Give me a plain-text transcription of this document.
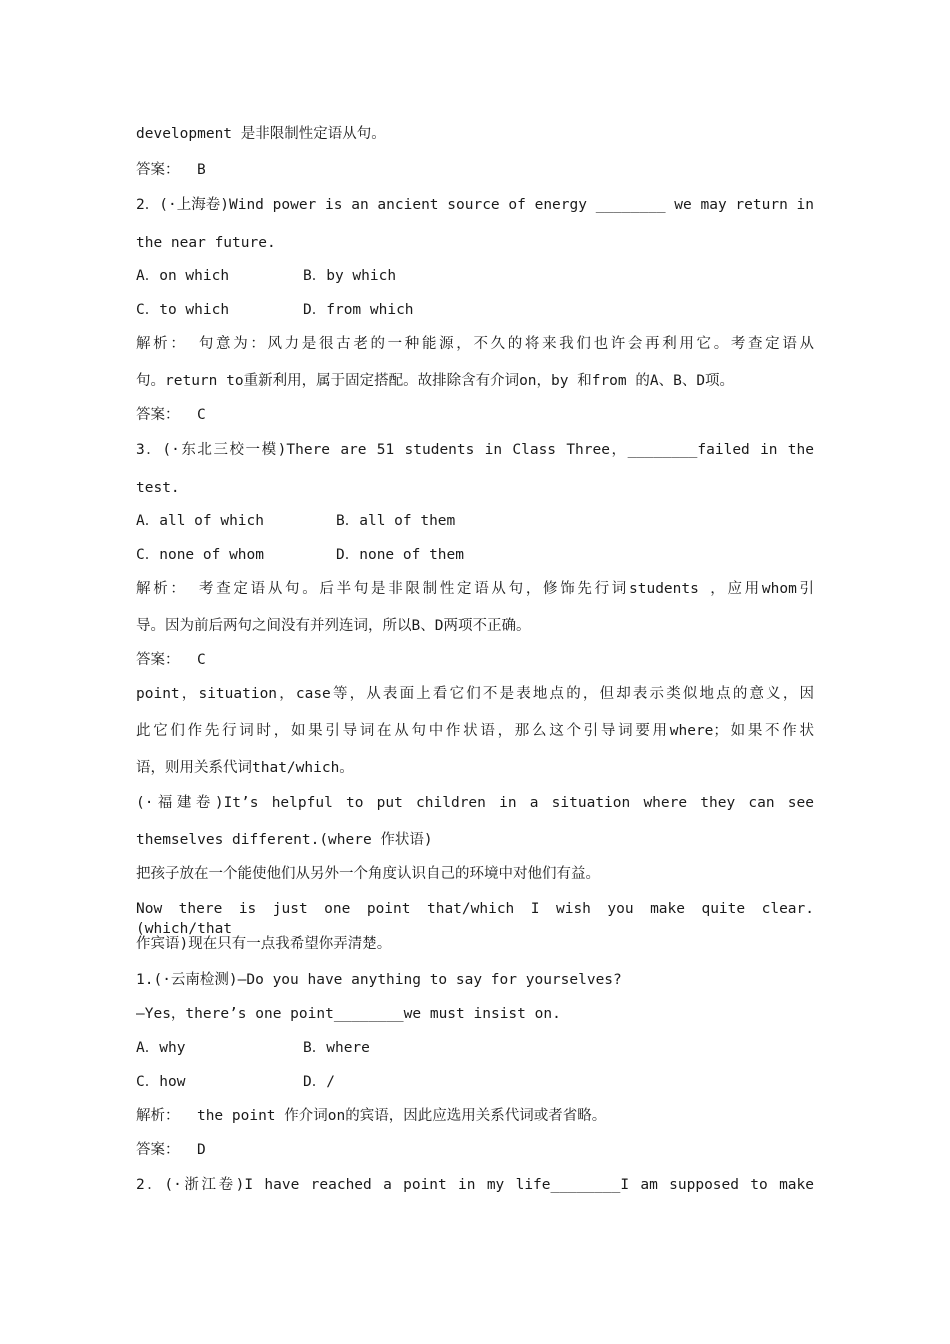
development 是非限制性定语从句。
答案：  B
2．(·上海卷)Wind power is an ancient source of energy ________ we may return in
the near future.
A．on which	B．by which
C．to which	D．from which
解析： 句意为：风力是很古老的一种能源，不久的将来我们也许会再利用它。考查定语从
句。return to重新利用，属于固定搭配。故排除含有介词on，by 和from 的A、B、D项。
答案：  C
3．(·东北三校一模)There are 51 students in Class Three，________failed in the
test.
A．all of which	B．all of them
C．none of whom	D．none of them
解析： 考查定语从句。后半句是非限制性定语从句，修饰先行词students ，应用whom引
导。因为前后两句之间没有并列连词，所以B、D两项不正确。
答案：  C
point，situation，case等，从表面上看它们不是表地点的，但却表示类似地点的意义，因
此它们作先行词时，如果引导词在从句中作状语，那么这个引导词要用where；如果不作状
语，则用关系代词that/which。
(·福建卷)It’s helpful to put children in a situation where they can see
themselves different.(where 作状语)
把孩子放在一个能使他们从另外一个角度认识自己的环境中对他们有益。
Now there is just one point that/which I wish you make quite clear.(which/that
作宾语)现在只有一点我希望你弄清楚。
1.(·云南检测)—Do you have anything to say for yourselves?
—Yes，there’s one point________we must insist on.
A．why	B．where
C．how	D．/
解析：  the point 作介词on的宾语，因此应选用关系代词或者省略。
答案：  D
2．(·浙江卷)I have reached a point in my life________I am supposed to make
